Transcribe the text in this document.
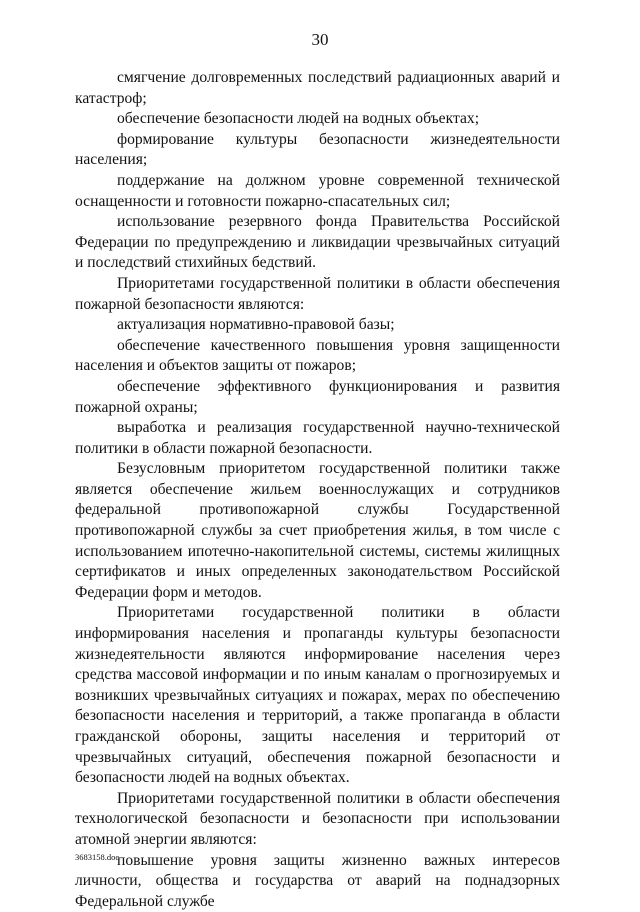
30

смягчение долговременных последствий радиационных аварий и катастроф;

обеспечение безопасности людей на водных объектах;

формирование культуры безопасности жизнедеятельности населения;

поддержание на должном уровне современной технической оснащенности и готовности пожарно-спасательных сил;

использование резервного фонда Правительства Российской Федерации по предупреждению и ликвидации чрезвычайных ситуаций и последствий стихийных бедствий.

Приоритетами государственной политики в области обеспечения пожарной безопасности являются:

актуализация нормативно-правовой базы;

обеспечение качественного повышения уровня защищенности населения и объектов защиты от пожаров;

обеспечение эффективного функционирования и развития пожарной охраны;

выработка и реализация государственной научно-технической политики в области пожарной безопасности.

Безусловным приоритетом государственной политики также является обеспечение жильем военнослужащих и сотрудников федеральной противопожарной службы Государственной противопожарной службы за счет приобретения жилья, в том числе с использованием ипотечно-накопительной системы, системы жилищных сертификатов и иных определенных законодательством Российской Федерации форм и методов.

Приоритетами государственной политики в области информирования населения и пропаганды культуры безопасности жизнедеятельности являются информирование населения через средства массовой информации и по иным каналам о прогнозируемых и возникших чрезвычайных ситуациях и пожарах, мерах по обеспечению безопасности населения и территорий, а также пропаганда в области гражданской обороны, защиты населения и территорий от чрезвычайных ситуаций, обеспечения пожарной безопасности и безопасности людей на водных объектах.

Приоритетами государственной политики в области обеспечения технологической безопасности и безопасности при использовании атомной энергии являются:

повышение уровня защиты жизненно важных интересов личности, общества и государства от аварий на поднадзорных Федеральной службе

3683158.doc
